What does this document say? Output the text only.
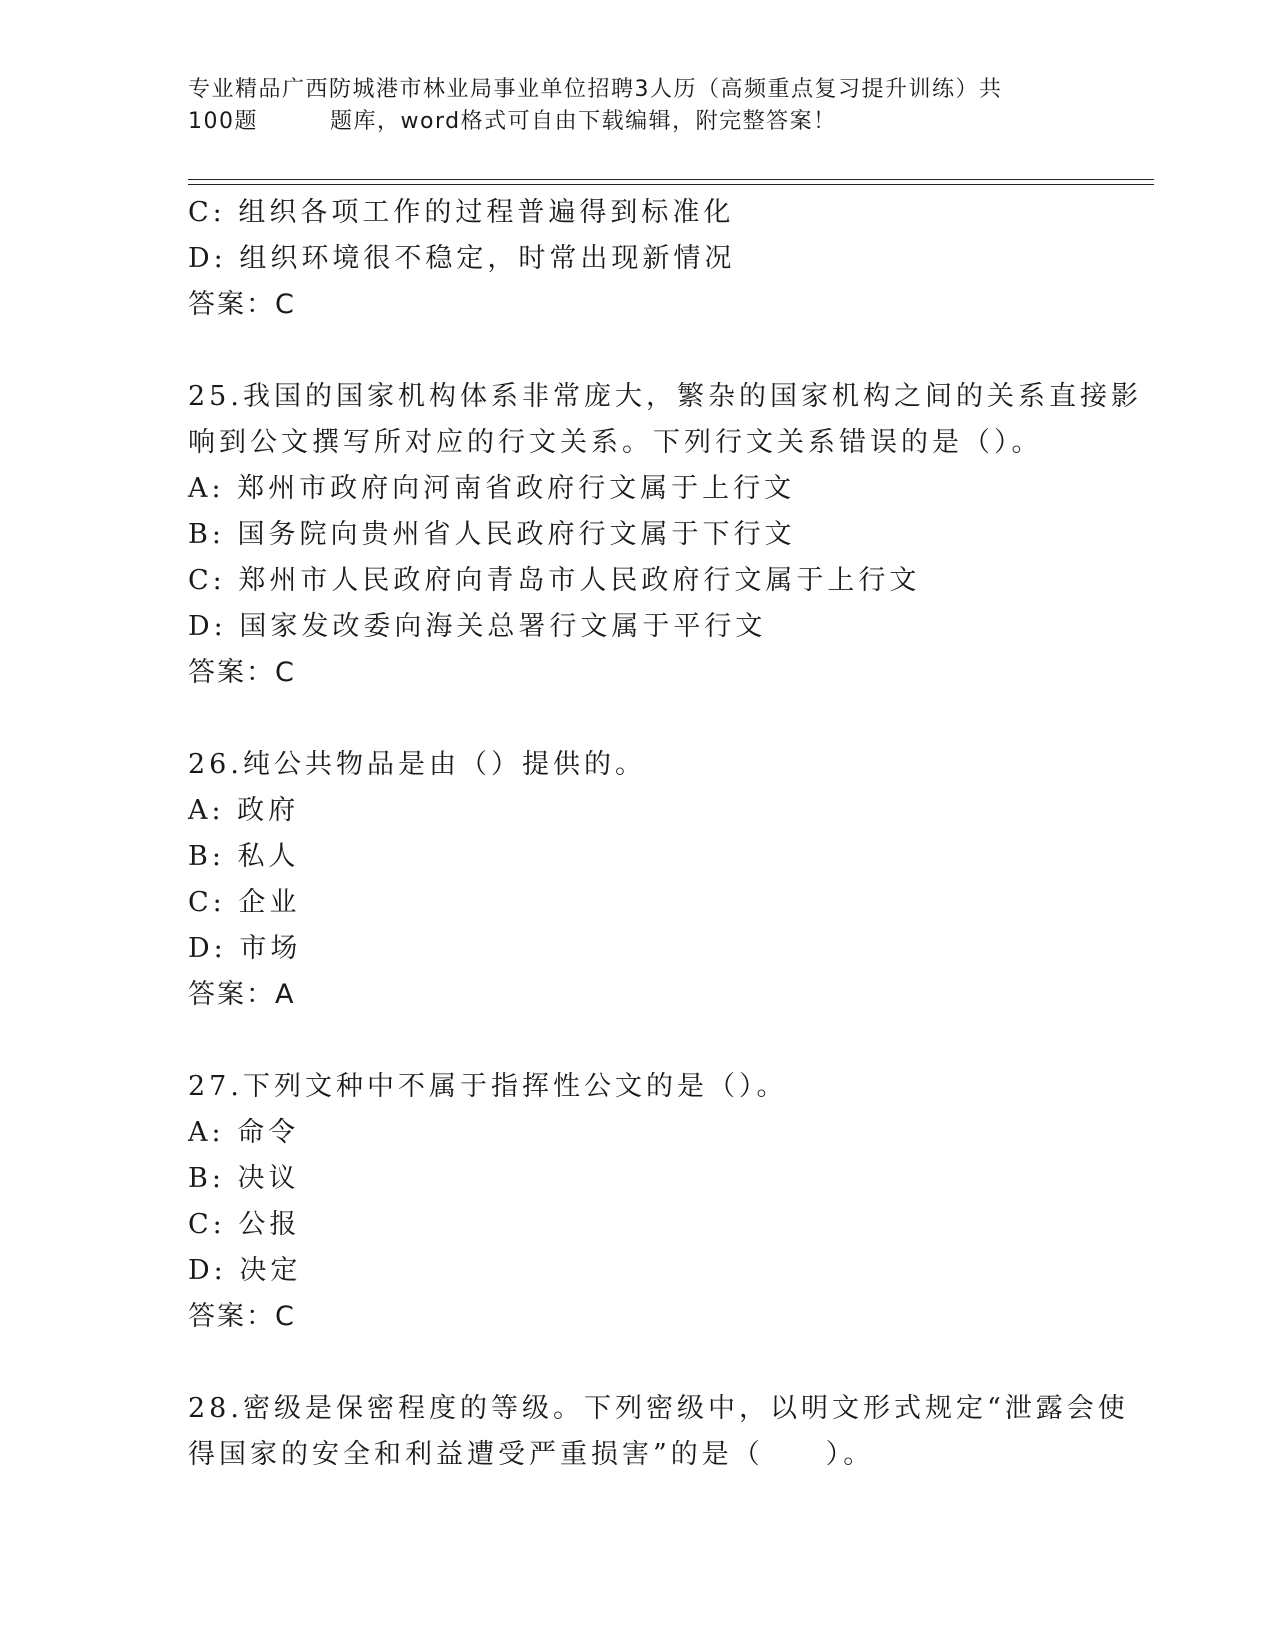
专业精品广西防城港市林业局事业单位招聘3人历（高频重点复习提升训练）共
100题	题库，word格式可自由下载编辑，附完整答案！
C: 组织各项工作的过程普遍得到标准化
D: 组织环境很不稳定，时常出现新情况
答案：C
25.我国的国家机构体系非常庞大，繁杂的国家机构之间的关系直接影
响到公文撰写所对应的行文关系。下列行文关系错误的是（）。
A: 郑州市政府向河南省政府行文属于上行文
B: 国务院向贵州省人民政府行文属于下行文
C: 郑州市人民政府向青岛市人民政府行文属于上行文
D: 国家发改委向海关总署行文属于平行文
答案：C
26.纯公共物品是由（）提供的。
A: 政府
B: 私人
C: 企业
D: 市场
答案：A
27.下列文种中不属于指挥性公文的是（）。
A: 命令
B: 决议
C: 公报
D: 决定
答案：C
28.密级是保密程度的等级。下列密级中，以明文形式规定“泄露会使
得国家的安全和利益遭受严重损害”的是（　　）。
